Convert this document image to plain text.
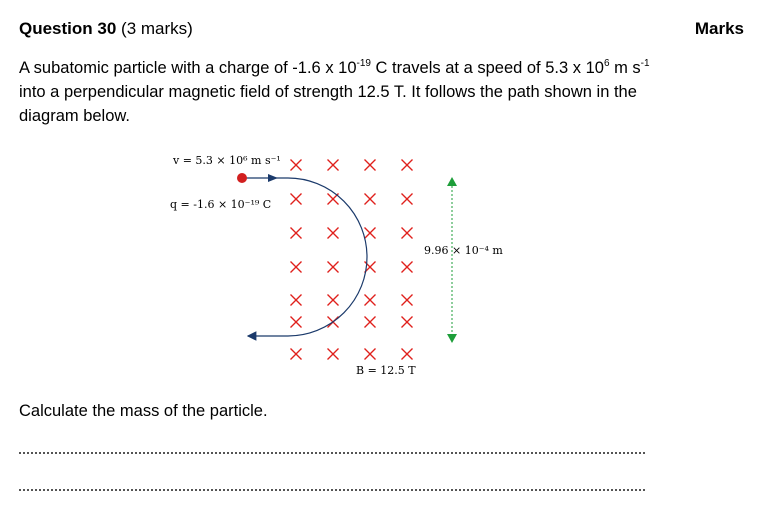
Question 30 (3 marks)	Marks
A subatomic particle with a charge of -1.6 x $10^{-19}$ C travels at a speed of 5.3 x $10^6$ m $s^{-1}$
into a perpendicular magnetic field of strength 12.5 T. It follows the path shown in the
diagram below.
v = 5.3 × 10⁶ m s⁻¹
q = -1.6 × 10⁻¹⁹ C
9.96 × 10⁻⁴ m
B = 12.5 T
Calculate the mass of the particle.
